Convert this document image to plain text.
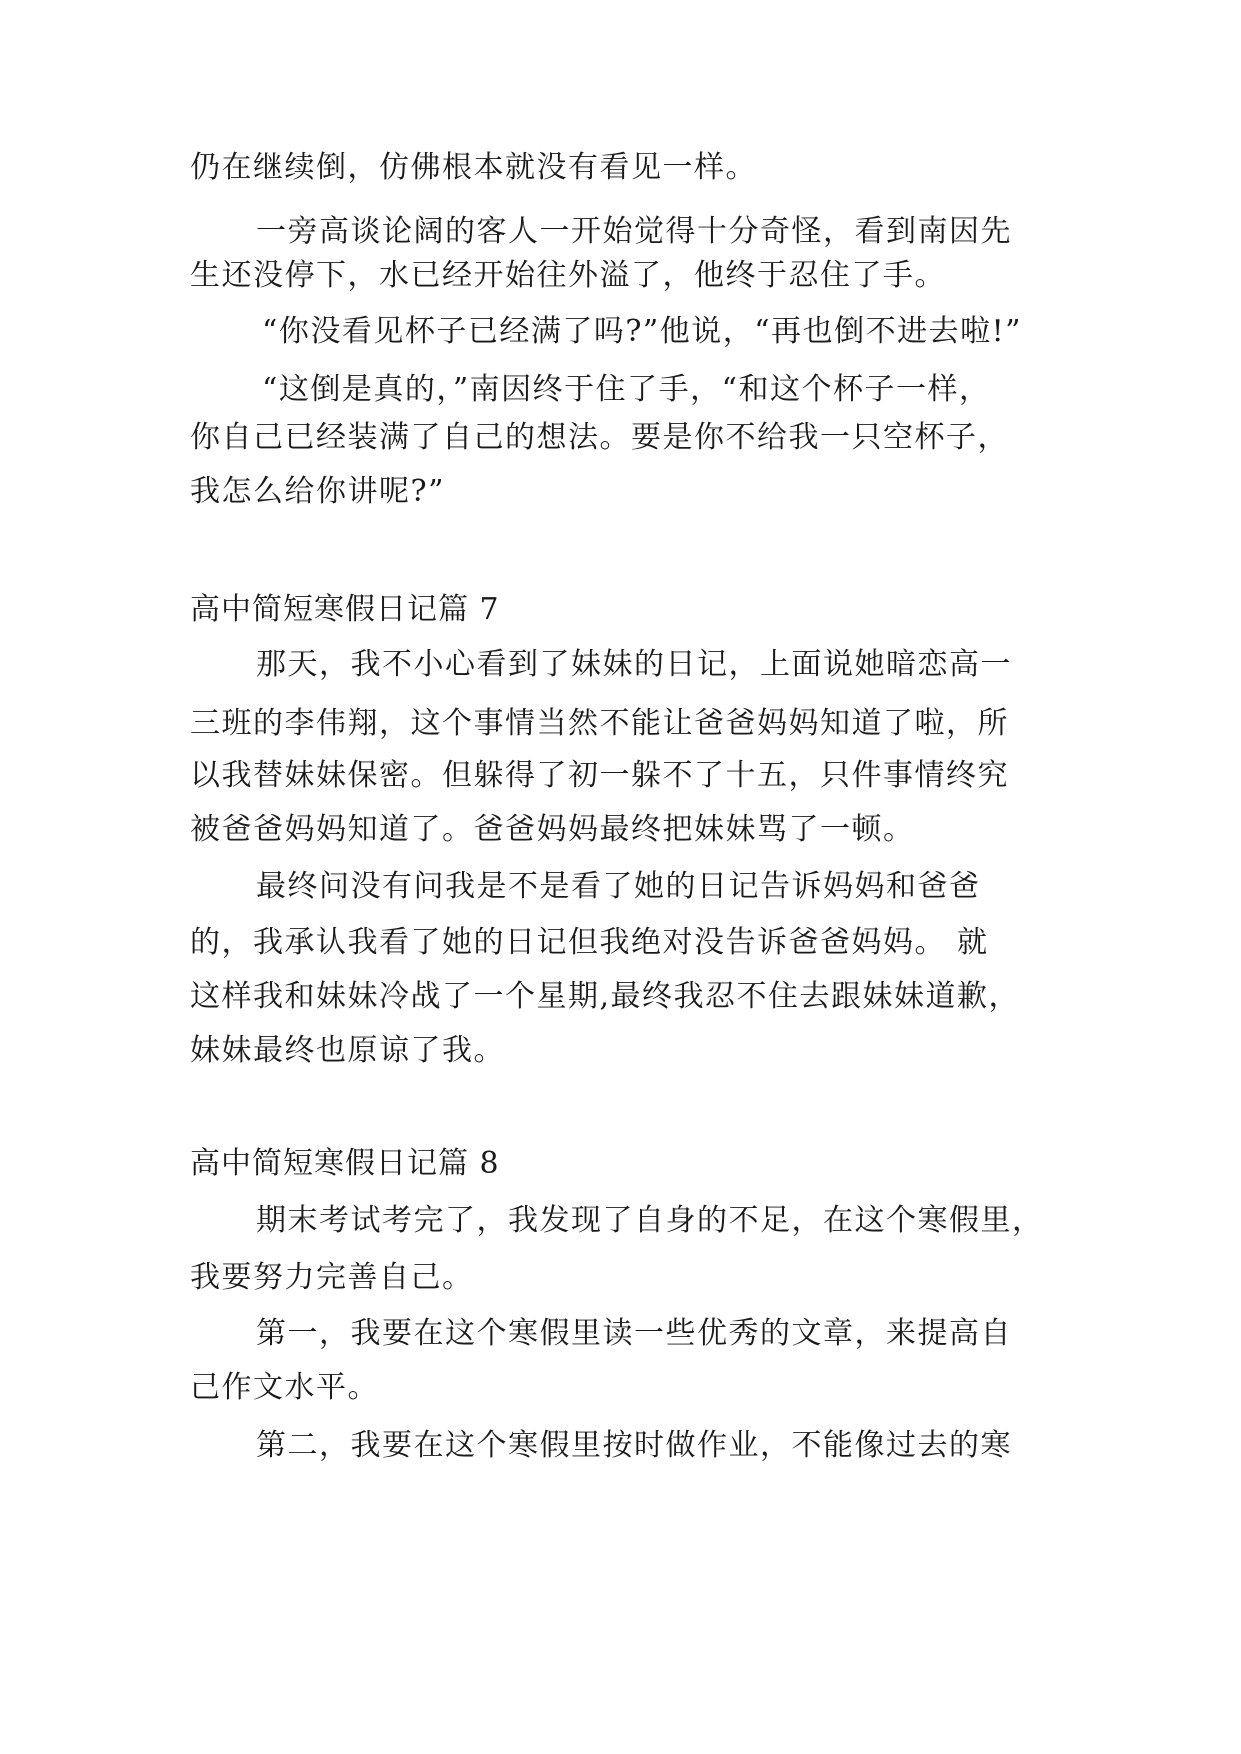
仍在继续倒，仿佛根本就没有看见一样。
一旁高谈论阔的客人一开始觉得十分奇怪，看到南因先
生还没停下，水已经开始往外溢了，他终于忍住了手。
“你没看见杯子已经满了吗?”他说，“再也倒不进去啦!”
“这倒是真的，”南因终于住了手，“和这个杯子一样，
你自己已经装满了自己的想法。要是你不给我一只空杯子，
我怎么给你讲呢?”
高中简短寒假日记篇 7
那天，我不小心看到了妹妹的日记，上面说她暗恋高一
三班的李伟翔，这个事情当然不能让爸爸妈妈知道了啦，所
以我替妹妹保密。但躲得了初一躲不了十五，只件事情终究
被爸爸妈妈知道了。爸爸妈妈最终把妹妹骂了一顿。
最终问没有问我是不是看了她的日记告诉妈妈和爸爸
的，我承认我看了她的日记但我绝对没告诉爸爸妈妈。 就
这样我和妹妹冷战了一个星期,最终我忍不住去跟妹妹道歉，
妹妹最终也原谅了我。
高中简短寒假日记篇 8
期末考试考完了，我发现了自身的不足，在这个寒假里，
我要努力完善自己。
第一，我要在这个寒假里读一些优秀的文章，来提高自
己作文水平。
第二，我要在这个寒假里按时做作业，不能像过去的寒
